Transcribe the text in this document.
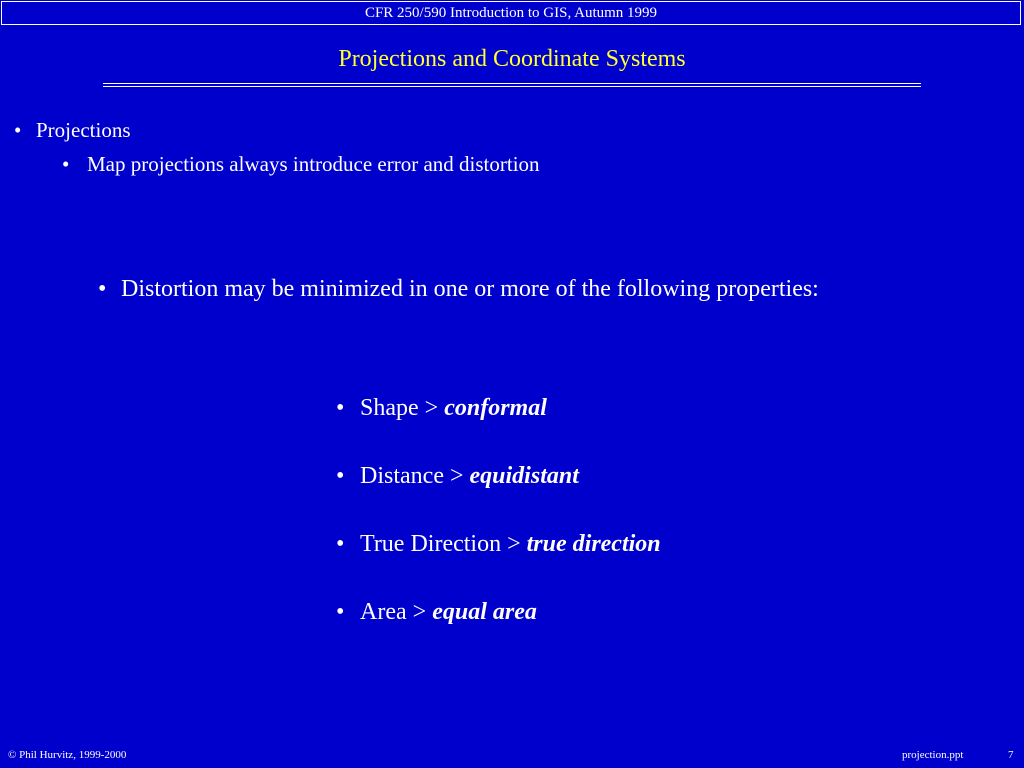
CFR 250/590 Introduction to GIS, Autumn 1999
Projections and Coordinate Systems
• Projections
• Map projections always introduce error and distortion
• Distortion may be minimized in one or more of the following properties:
• Shape > conformal
• Distance > equidistant
• True Direction > true direction
• Area > equal area
© Phil Hurvitz, 1999-2000	projection.ppt	7
